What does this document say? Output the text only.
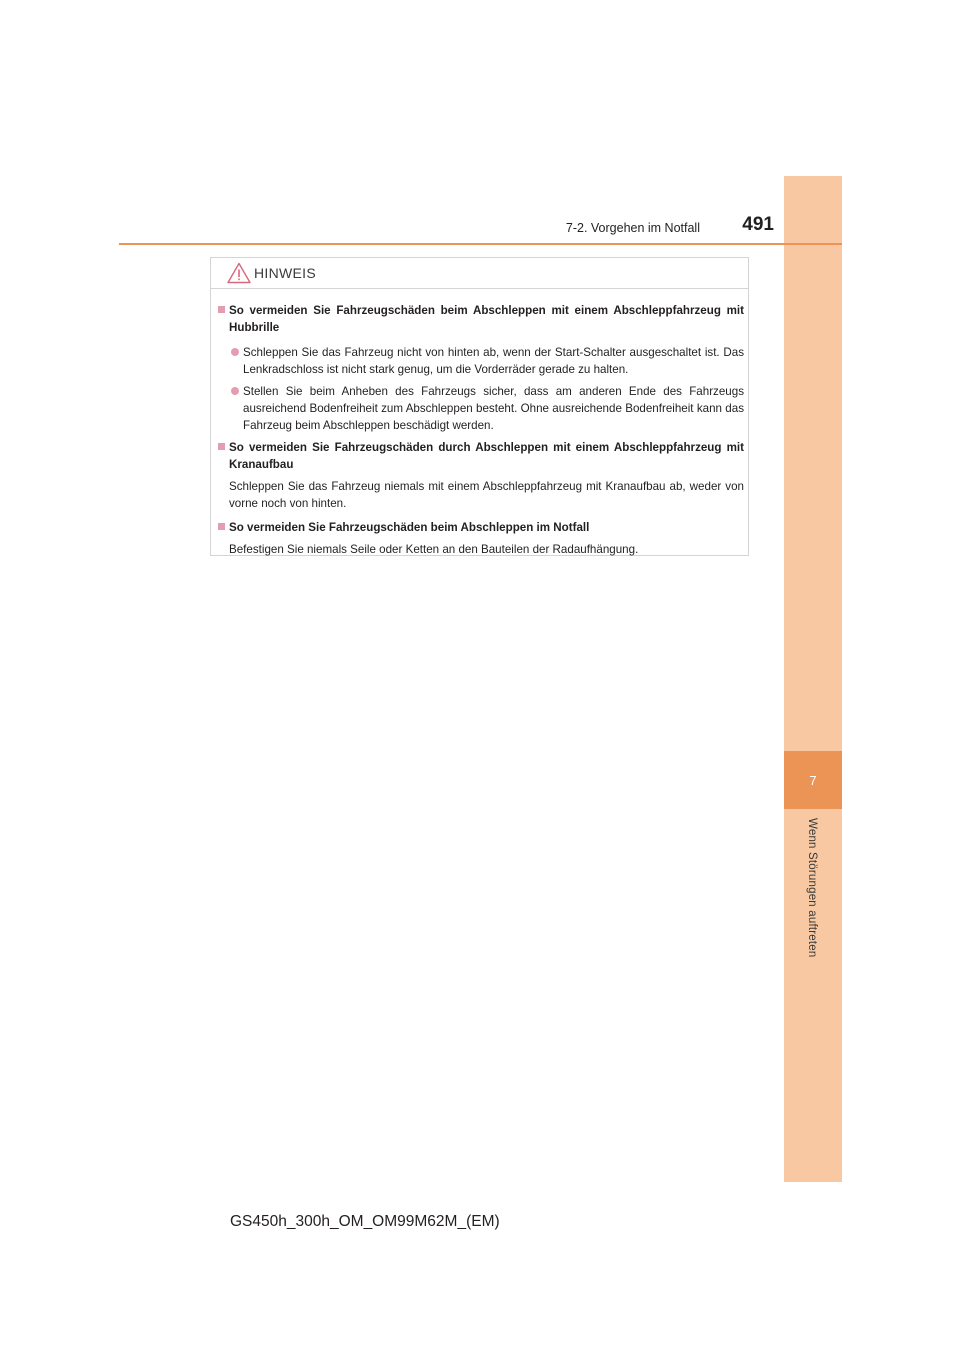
7
Wenn Störungen auftreten
7-2. Vorgehen im Notfall	491
HINWEIS
So vermeiden Sie Fahrzeugschäden beim Abschleppen mit einem Abschleppfahrzeug mit Hubbrille
Schleppen Sie das Fahrzeug nicht von hinten ab, wenn der Start-Schalter ausgeschaltet ist. Das Lenkradschloss ist nicht stark genug, um die Vorderräder gerade zu halten.
Stellen Sie beim Anheben des Fahrzeugs sicher, dass am anderen Ende des Fahrzeugs ausreichend Bodenfreiheit zum Abschleppen besteht. Ohne ausreichende Bodenfreiheit kann das Fahrzeug beim Abschleppen beschädigt werden.
So vermeiden Sie Fahrzeugschäden durch Abschleppen mit einem Abschleppfahrzeug mit Kranaufbau
Schleppen Sie das Fahrzeug niemals mit einem Abschleppfahrzeug mit Kranaufbau ab, weder von vorne noch von hinten.
So vermeiden Sie Fahrzeugschäden beim Abschleppen im Notfall
Befestigen Sie niemals Seile oder Ketten an den Bauteilen der Radaufhängung.
GS450h_300h_OM_OM99M62M_(EM)
